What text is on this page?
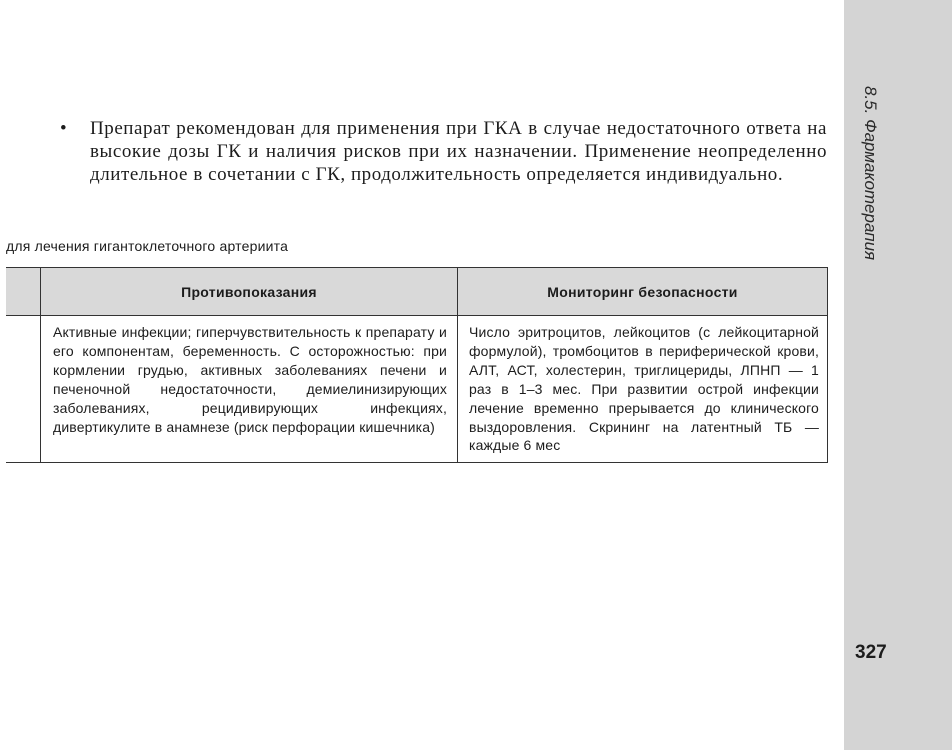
8.5. Фармакотерапия
327
• Препарат рекомендован для применения при ГКА в случае недостаточного ответа на высокие дозы ГК и наличия рисков при их назначении. Применение неопределенно длительное в сочетании с ГК, продолжительность определяется индивидуально.
для лечения гигантоклеточного артериита
Противопоказания	Мониторинг безопасности
Активные инфекции; гиперчувствительность к препарату и его компонентам, беременность. С осторожностью: при кормлении грудью, активных заболеваниях печени и печеночной недостаточности, демиелинизирующих заболеваниях, рецидивирующих инфекциях, дивертикулите в анамнезе (риск перфорации кишечника)
Число эритроцитов, лейкоцитов (с лейкоцитарной формулой), тромбоцитов в периферической крови, АЛТ, АСТ, холестерин, триглицериды, ЛПНП — 1 раз в 1–3 мес. При развитии острой инфекции лечение временно прерывается до клинического выздоровления. Скрининг на латентный ТБ — каждые 6 мес
